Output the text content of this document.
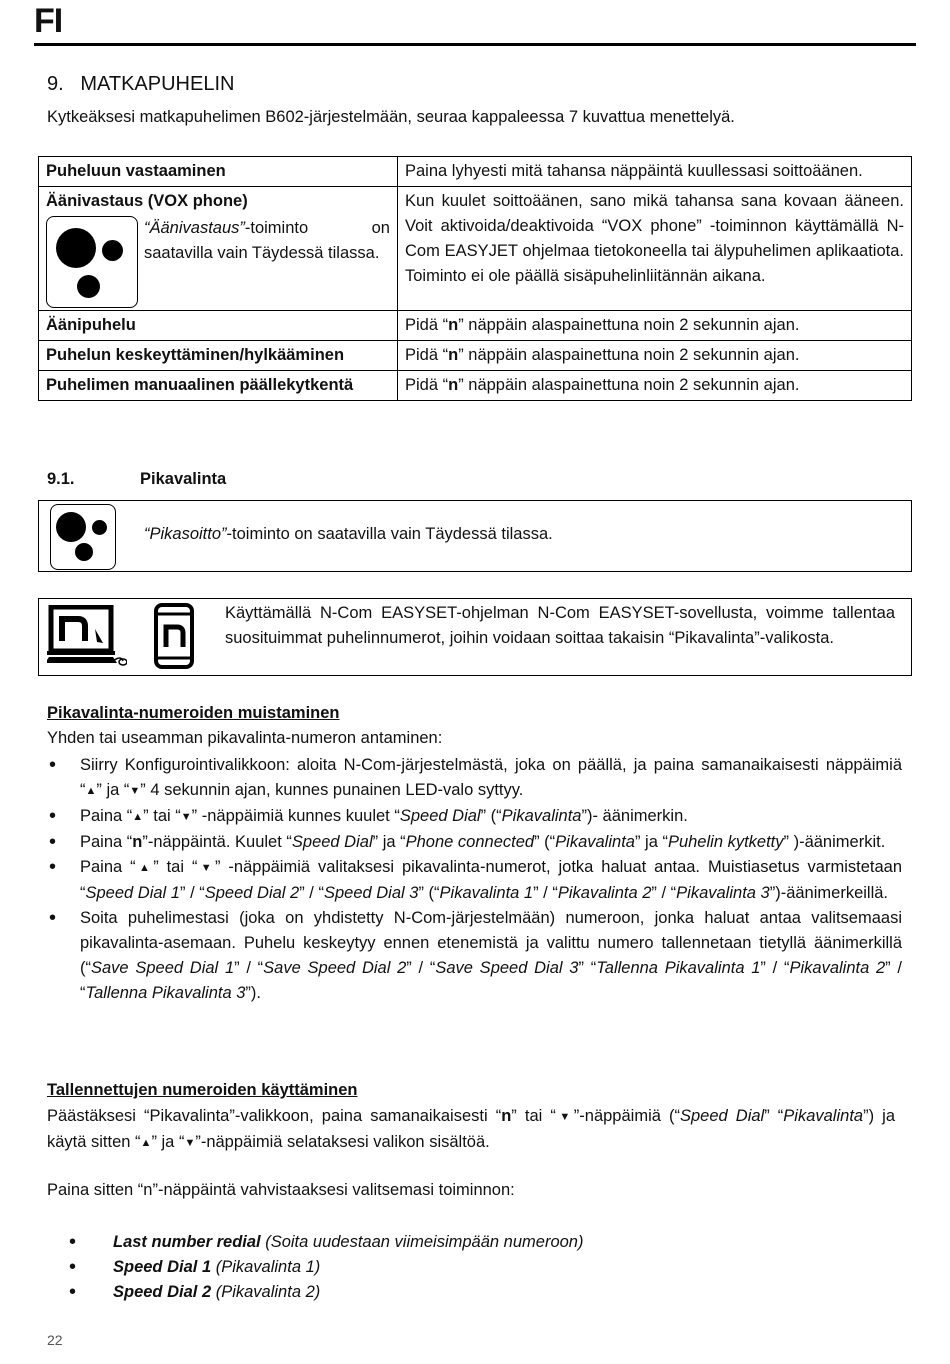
FI
9.   MATKAPUHELIN
Kytkeäksesi matkapuhelimen B602-järjestelmään, seuraa kappaleessa 7 kuvattua menettelyä.
Puheluun vastaaminen	Paina lyhyesti mitä tahansa näppäintä kuullessasi soittoäänen.

Äänivastaus (VOX phone)
“Äänivastaus”-toiminto on saatavilla vain Täydessä tilassa.	Kun kuulet soittoäänen, sano mikä tahansa sana kovaan ääneen. Voit aktivoida/deaktivoida “VOX phone” -toiminnon käyttämällä N-Com EASYJET ohjelmaa tietokoneella tai älypuhelimen aplikaatiota. Toiminto ei ole päällä sisäpuhelinliitännän aikana.
Äänipuhelu	Pidä “n” näppäin alaspainettuna noin 2 sekunnin ajan.
Puhelun keskeyttäminen/hylkääminen	Pidä “n” näppäin alaspainettuna noin 2 sekunnin ajan.
Puhelimen manuaalinen päällekytkentä	Pidä “n” näppäin alaspainettuna noin 2 sekunnin ajan.
9.1.	Pikavalinta
“Pikasoitto”-toiminto on saatavilla vain Täydessä tilassa.
Käyttämällä N-Com EASYSET-ohjelman N-Com EASYSET-sovellusta, voimme tallentaa suosituimmat puhelinnumerot, joihin voidaan soittaa takaisin “Pikavalinta”-valikosta.
Pikavalinta-numeroiden muistaminen
Yhden tai useamman pikavalinta-numeron antaminen:
• Siirry Konfigurointivalikkoon: aloita N-Com-järjestelmästä, joka on päällä, ja paina samanaikaisesti näppäimiä “▲” ja “▼” 4 sekunnin ajan, kunnes punainen LED-valo syttyy.
• Paina “▲” tai “▼” -näppäimiä kunnes kuulet “Speed Dial” (“Pikavalinta”)- äänimerkin.
• Paina “n”-näppäintä. Kuulet “Speed Dial” ja “Phone connected” (“Pikavalinta” ja “Puhelin kytketty” )-äänimerkit.
• Paina “▲” tai “▼” -näppäimiä valitaksesi pikavalinta-numerot, jotka haluat antaa. Muistiasetus varmistetaan “Speed Dial 1” / “Speed Dial 2” / “Speed Dial 3” (“Pikavalinta 1” / “Pikavalinta 2” / “Pikavalinta 3”)-äänimerkeillä.
• Soita puhelimestasi (joka on yhdistetty N-Com-järjestelmään) numeroon, jonka haluat antaa valitsemaasi pikavalinta-asemaan. Puhelu keskeytyy ennen etenemistä ja valittu numero tallennetaan tietyllä äänimerkillä (“Save Speed Dial 1” / “Save Speed Dial 2” / “Save Speed Dial 3” “Tallenna Pikavalinta 1” / “Pikavalinta 2” / “Tallenna Pikavalinta 3”).
Tallennettujen numeroiden käyttäminen
Päästäksesi “Pikavalinta”-valikkoon, paina samanaikaisesti “n” tai “▼”-näppäimiä (“Speed Dial” “Pikavalinta”) ja käytä sitten “▲” ja “▼”-näppäimiä selataksesi valikon sisältöä.
Paina sitten “n”-näppäintä vahvistaaksesi valitsemasi toiminnon:
• Last number redial (Soita uudestaan viimeisimpään numeroon)
• Speed Dial 1 (Pikavalinta 1)
• Speed Dial 2 (Pikavalinta 2)
22
